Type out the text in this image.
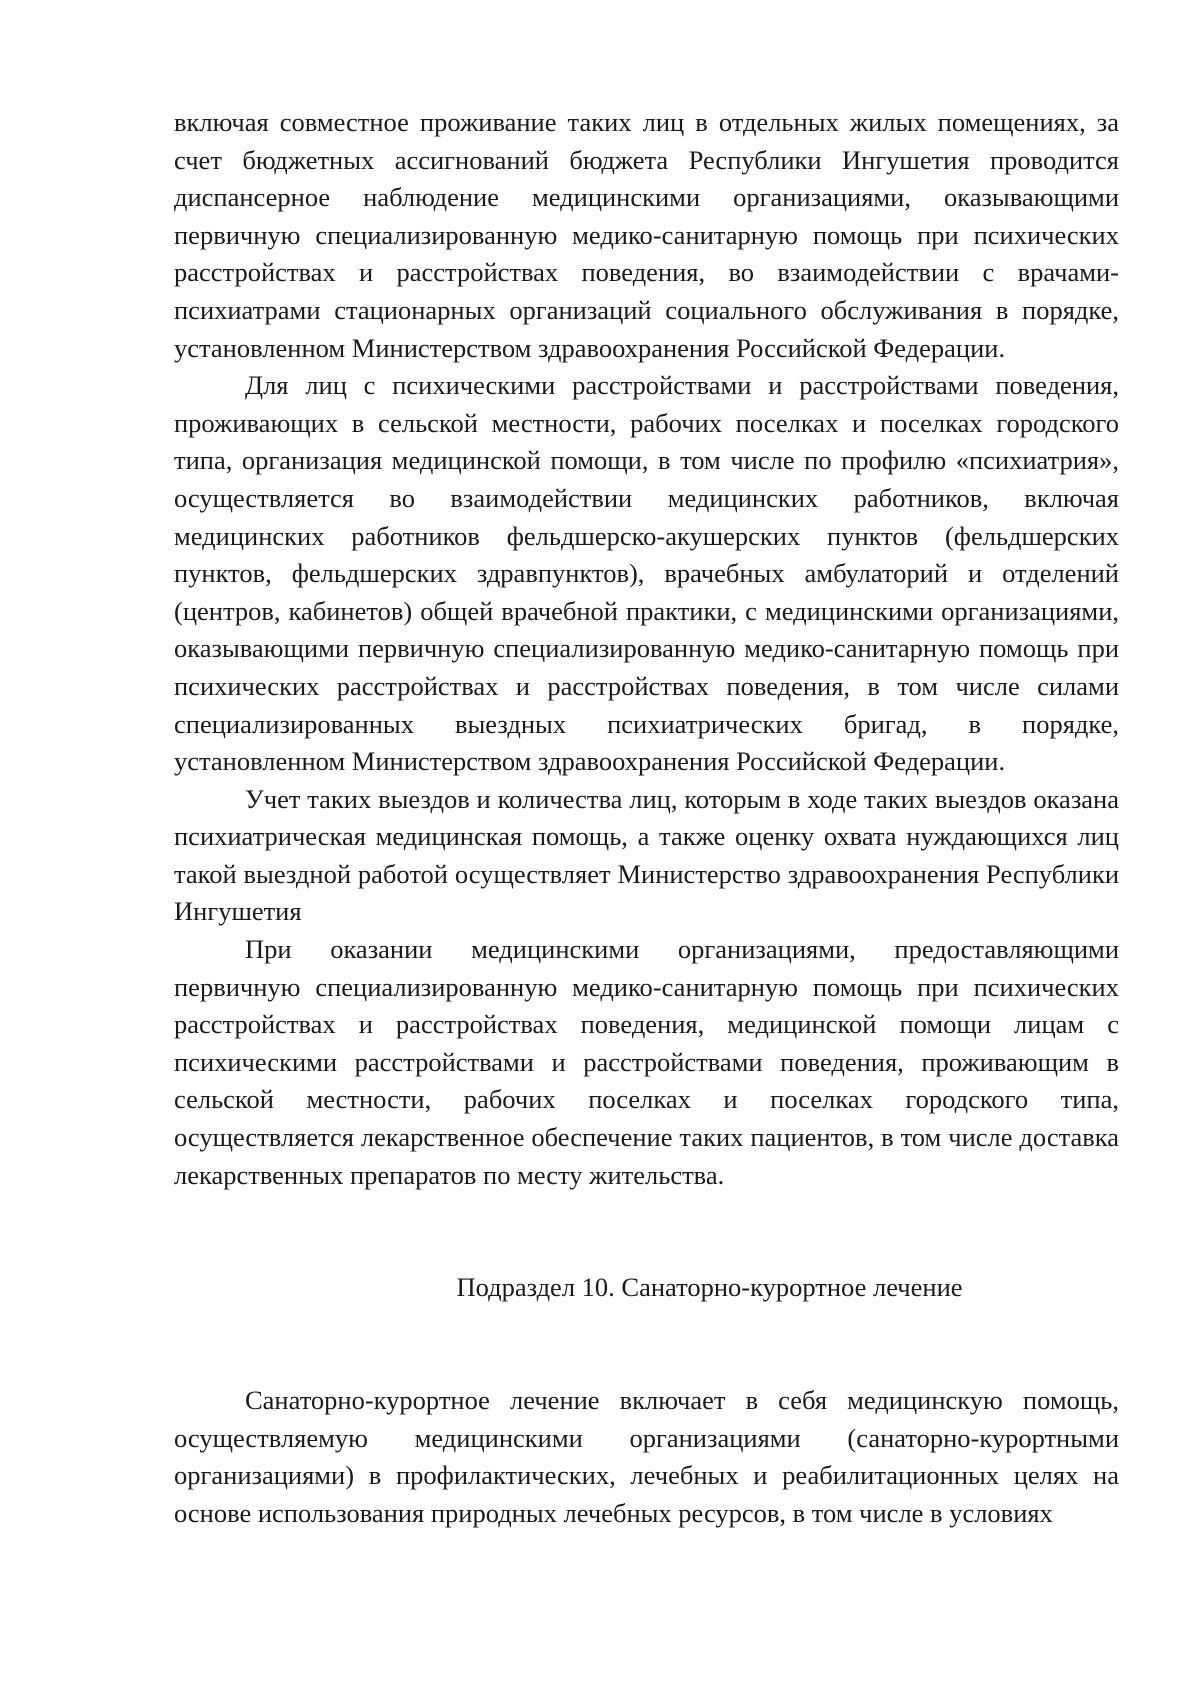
включая совместное проживание таких лиц в отдельных жилых помещениях, за счет бюджетных ассигнований бюджета Республики Ингушетия проводится диспансерное наблюдение медицинскими организациями, оказывающими первичную специализированную медико-санитарную помощь при психических расстройствах и расстройствах поведения, во взаимодействии с врачами-психиатрами стационарных организаций социального обслуживания в порядке, установленном Министерством здравоохранения Российской Федерации.

Для лиц с психическими расстройствами и расстройствами поведения, проживающих в сельской местности, рабочих поселках и поселках городского типа, организация медицинской помощи, в том числе по профилю «психиатрия», осуществляется во взаимодействии медицинских работников, включая медицинских работников фельдшерско-акушерских пунктов (фельдшерских пунктов, фельдшерских здравпунктов), врачебных амбулаторий и отделений (центров, кабинетов) общей врачебной практики, с медицинскими организациями, оказывающими первичную специализированную медико-санитарную помощь при психических расстройствах и расстройствах поведения, в том числе силами специализированных выездных психиатрических бригад, в порядке, установленном Министерством здравоохранения Российской Федерации.

Учет таких выездов и количества лиц, которым в ходе таких выездов оказана психиатрическая медицинская помощь, а также оценку охвата нуждающихся лиц такой выездной работой осуществляет Министерство здравоохранения Республики Ингушетия

При оказании медицинскими организациями, предоставляющими первичную специализированную медико-санитарную помощь при психических расстройствах и расстройствах поведения, медицинской помощи лицам с психическими расстройствами и расстройствами поведения, проживающим в сельской местности, рабочих поселках и поселках городского типа, осуществляется лекарственное обеспечение таких пациентов, в том числе доставка лекарственных препаратов по месту жительства.

Подраздел 10. Санаторно-курортное лечение

Санаторно-курортное лечение включает в себя медицинскую помощь, осуществляемую медицинскими организациями (санаторно-курортными организациями) в профилактических, лечебных и реабилитационных целях на основе использования природных лечебных ресурсов, в том числе в условиях
